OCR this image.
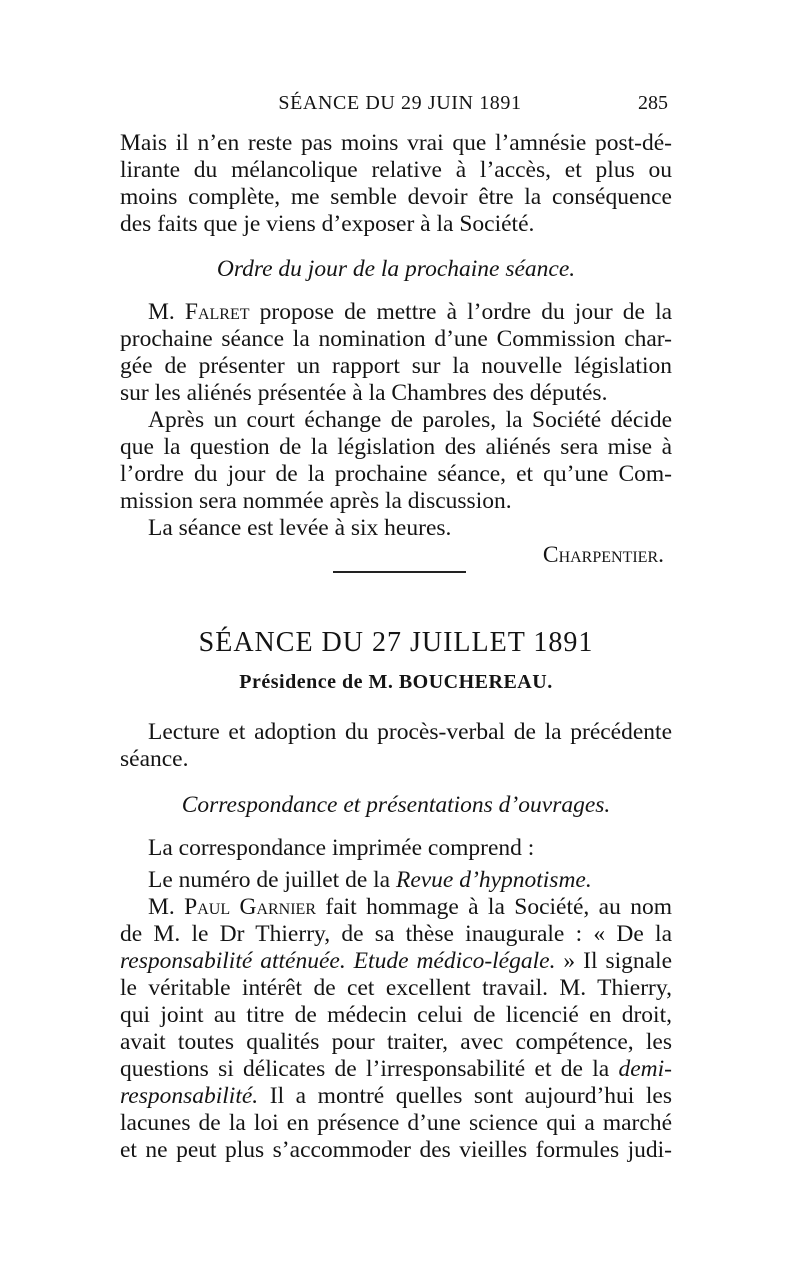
SÉANCE DU 29 JUIN 1891	285
Mais il n’en reste pas moins vrai que l’amnésie post-dé-
lirante du mélancolique relative à l’accès, et plus ou
moins complète, me semble devoir être la conséquence
des faits que je viens d’exposer à la Société.
Ordre du jour de la prochaine séance.
M. Falret propose de mettre à l’ordre du jour de la
prochaine séance la nomination d’une Commission char-
gée de présenter un rapport sur la nouvelle législation
sur les aliénés présentée à la Chambres des députés.
Après un court échange de paroles, la Société décide
que la question de la législation des aliénés sera mise à
l’ordre du jour de la prochaine séance, et qu’une Com-
mission sera nommée après la discussion.
La séance est levée à six heures.
Charpentier.
SÉANCE DU 27 JUILLET 1891
Présidence de M. BOUCHEREAU.
Lecture et adoption du procès-verbal de la précédente
séance.
Correspondance et présentations d’ouvrages.
La correspondance imprimée comprend :
Le numéro de juillet de la Revue d’hypnotisme.
M. Paul Garnier fait hommage à la Société, au nom
de M. le Dr Thierry, de sa thèse inaugurale : « De la
responsabilité atténuée. Etude médico-légale. » Il signale
le véritable intérêt de cet excellent travail. M. Thierry,
qui joint au titre de médecin celui de licencié en droit,
avait toutes qualités pour traiter, avec compétence, les
questions si délicates de l’irresponsabilité et de la demi-
responsabilité. Il a montré quelles sont aujourd’hui les
lacunes de la loi en présence d’une science qui a marché
et ne peut plus s’accommoder des vieilles formules judi-
